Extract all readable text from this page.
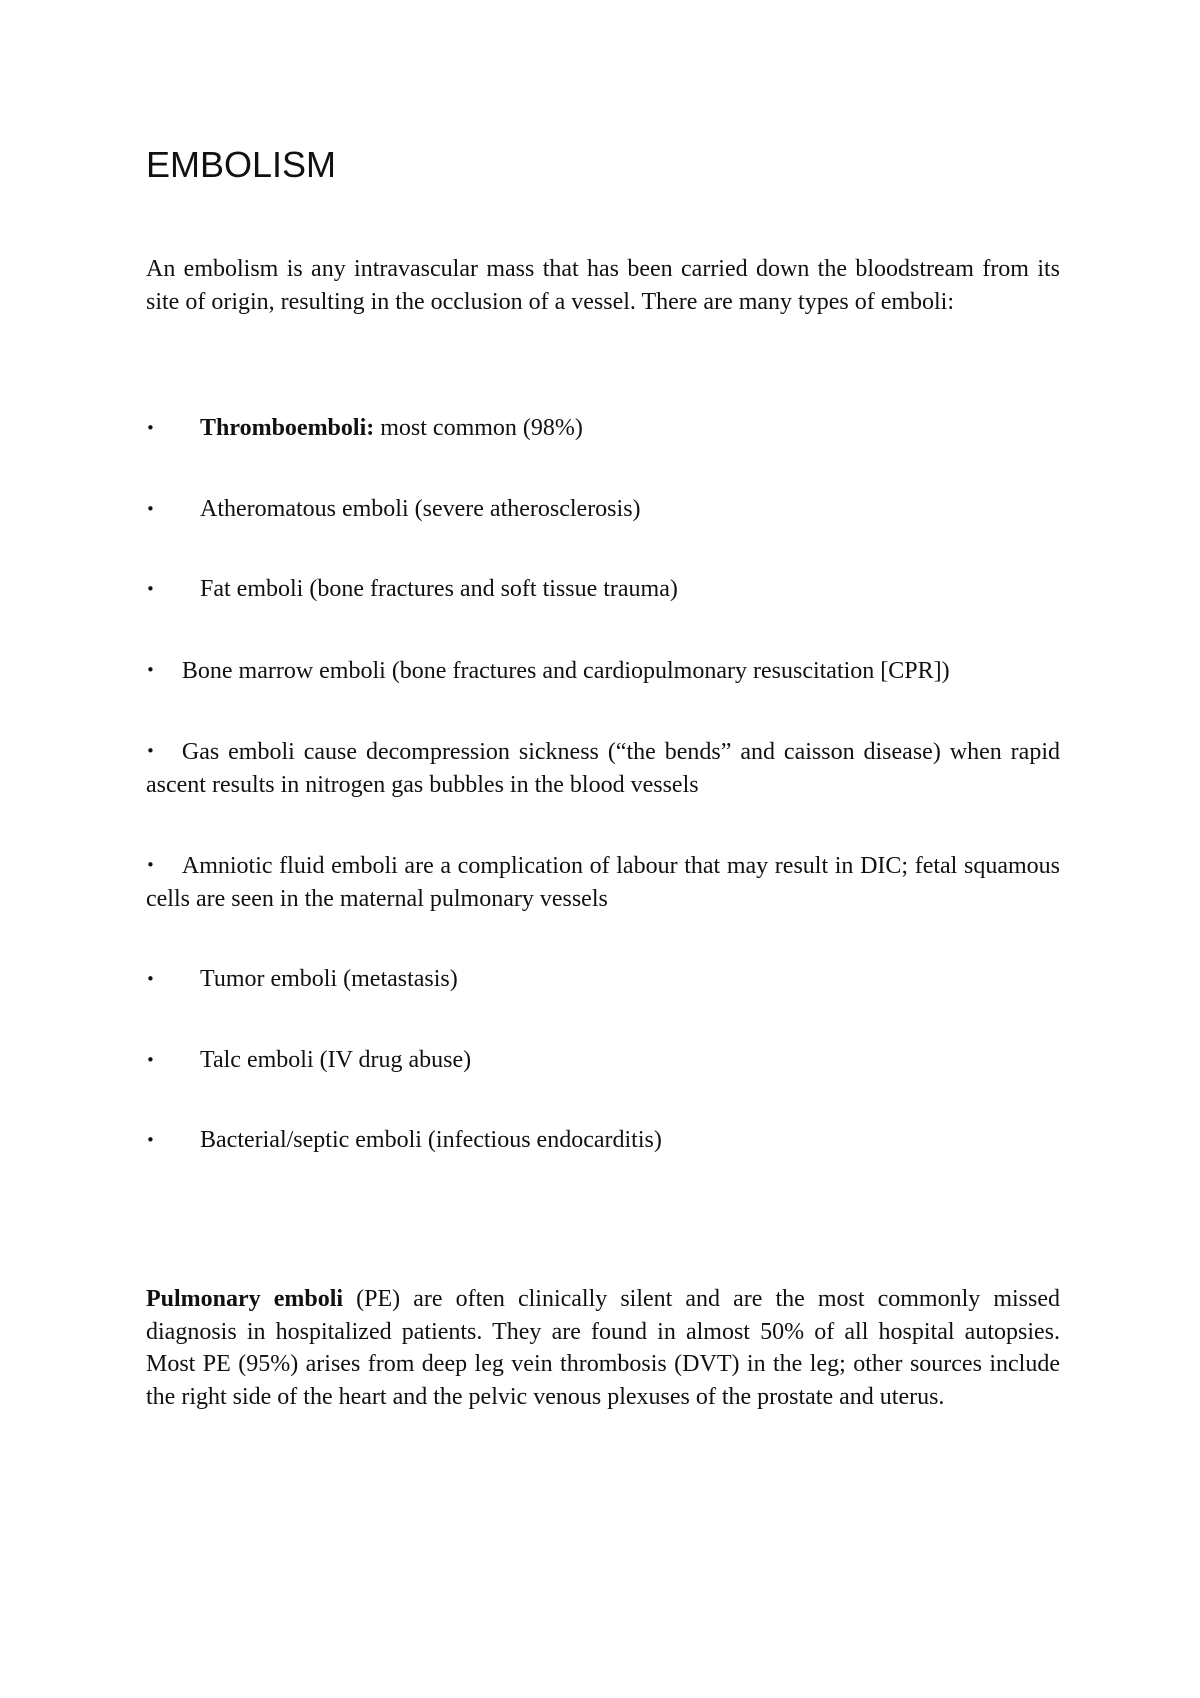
EMBOLISM

An embolism is any intravascular mass that has been carried down the bloodstream from its site of origin, resulting in the occlusion of a vessel. There are many types of emboli:

• Thromboemboli: most common (98%)
• Atheromatous emboli (severe atherosclerosis)
• Fat emboli (bone fractures and soft tissue trauma)
• Bone marrow emboli (bone fractures and cardiopulmonary resuscitation [CPR])
• Gas emboli cause decompression sickness (“the bends” and caisson disease) when rapid ascent results in nitrogen gas bubbles in the blood vessels
• Amniotic fluid emboli are a complication of labour that may result in DIC; fetal squamous cells are seen in the maternal pulmonary vessels
• Tumor emboli (metastasis)
• Talc emboli (IV drug abuse)
• Bacterial/septic emboli (infectious endocarditis)

Pulmonary emboli (PE) are often clinically silent and are the most commonly missed diagnosis in hospitalized patients. They are found in almost 50% of all hospital autopsies. Most PE (95%) arises from deep leg vein thrombosis (DVT) in the leg; other sources include the right side of the heart and the pelvic venous plexuses of the prostate and uterus.
